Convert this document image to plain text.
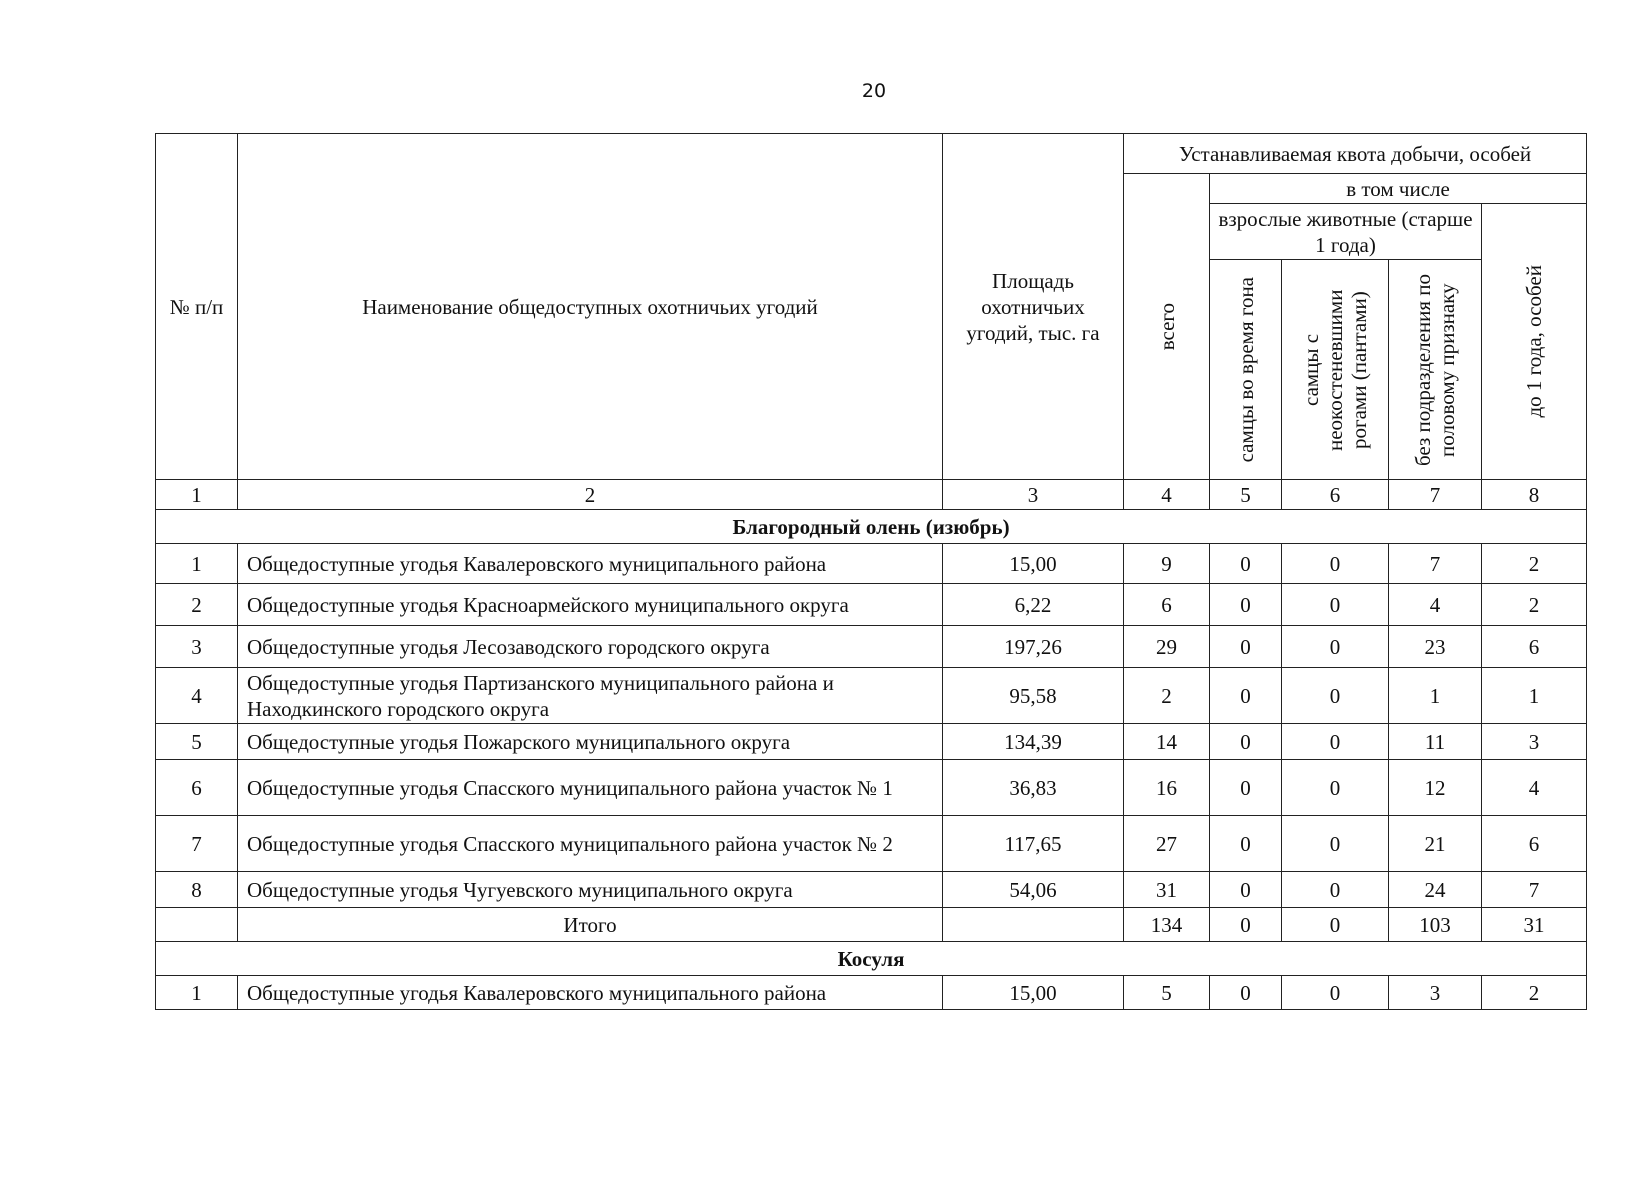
20
№ п/п	Наименование общедоступных охотничьих угодий	Площадь охотничьих угодий, тыс. га	Устанавливаемая квота добычи, особей				

			всего	в том числе			
				взрослые животные (старше 1 года)			до 1 года, особей

				самцы во время гона	самцы с неокостеневшими рогами (пантами)	без подразделения по половому признаку	

1	2	3	4	5	6	7	8
Благородный олень (изюбрь)							
1	Общедоступные угодья Кавалеровского муниципального района	15,00	9	0	0	7	2
2	Общедоступные угодья Красноармейского муниципального округа	6,22	6	0	0	4	2
3	Общедоступные угодья Лесозаводского городского округа	197,26	29	0	0	23	6
4	Общедоступные угодья Партизанского муниципального района и Находкинского городского округа	95,58	2	0	0	1	1
5	Общедоступные угодья Пожарского муниципального округа	134,39	14	0	0	11	3
6	Общедоступные угодья Спасского муниципального района участок № 1	36,83	16	0	0	12	4
7	Общедоступные угодья Спасского муниципального района участок № 2	117,65	27	0	0	21	6
8	Общедоступные угодья Чугуевского муниципального округа	54,06	31	0	0	24	7
	Итого		134	0	0	103	31
Косуля							
1	Общедоступные угодья Кавалеровского муниципального района	15,00	5	0	0	3	2
